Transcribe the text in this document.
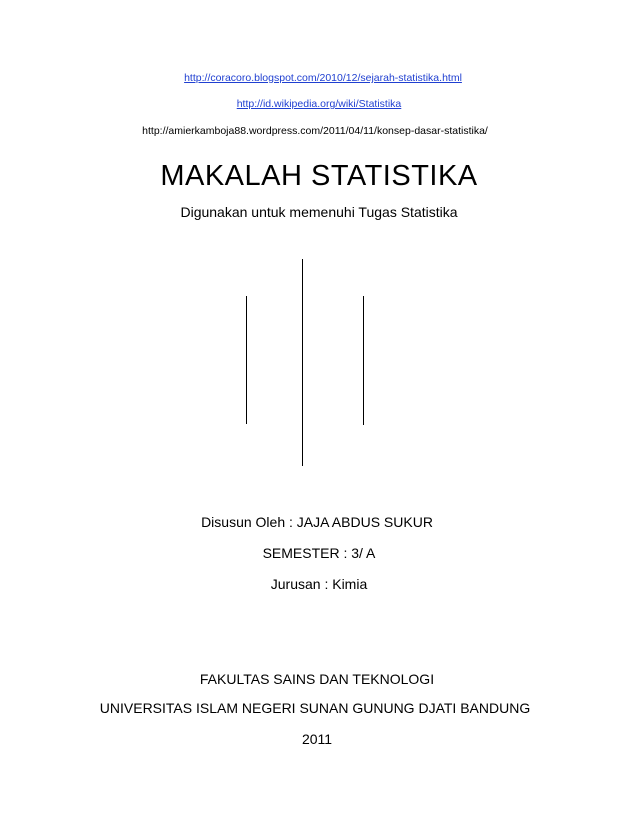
http://coracoro.blogspot.com/2010/12/sejarah-statistika.html

http://id.wikipedia.org/wiki/Statistika

http://amierkamboja88.wordpress.com/2011/04/11/konsep-dasar-statistika/

MAKALAH STATISTIKA

Digunakan untuk memenuhi Tugas Statistika

Disusun Oleh : JAJA ABDUS SUKUR

SEMESTER : 3/ A

Jurusan : Kimia

FAKULTAS SAINS DAN TEKNOLOGI

UNIVERSITAS ISLAM NEGERI SUNAN GUNUNG DJATI BANDUNG

2011
